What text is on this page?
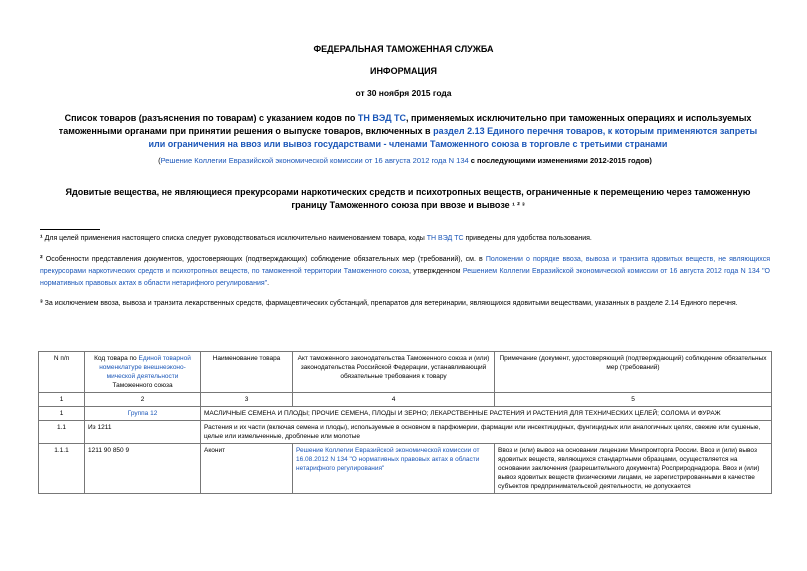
ФЕДЕРАЛЬНАЯ ТАМОЖЕННАЯ СЛУЖБА
ИНФОРМАЦИЯ
от 30 ноября 2015 года
Список товаров (разъяснения по товарам) с указанием кодов по ТН ВЭД ТС, применяемых исключительно при таможенных операциях и используемых таможенными органами при принятии решения о выпуске товаров, включенных в раздел 2.13 Единого перечня товаров, к которым применяются запреты или ограничения на ввоз или вывоз государствами - членами Таможенного союза в торговле с третьими странами
(Решение Коллегии Евразийской экономической комиссии от 16 августа 2012 года N 134 с последующими изменениями 2012-2015 годов)
Ядовитые вещества, не являющиеся прекурсорами наркотических средств и психотропных веществ, ограниченные к перемещению через таможенную границу Таможенного союза при ввозе и вывозе ¹ ² ³
¹ Для целей применения настоящего списка следует руководствоваться исключительно наименованием товара, коды ТН ВЭД ТС приведены для удобства пользования.
² Особенности представления документов, удостоверяющих (подтверждающих) соблюдение обязательных мер (требований), см. в Положении о порядке ввоза, вывоза и транзита ядовитых веществ, не являющихся прекурсорами наркотических средств и психотропных веществ, по таможенной территории Таможенного союза, утвержденном Решением Коллегии Евразийской экономической комиссии от 16 августа 2012 года N 134 "О нормативных правовых актах в области нетарифного регулирования".
³ За исключением ввоза, вывоза и транзита лекарственных средств, фармацевтических субстанций, препаратов для ветеринарии, являющихся ядовитыми веществами, указанных в разделе 2.14 Единого перечня.
N п/п	Код товара по Единой товарной номенклатуре внешнеэконо-мической деятельности Таможенного союза	Наименование товара	Акт таможенного законодательства Таможенного союза и (или) законодательства Российской Федерации, устанавливающий обязательные требования к товару	Примечание (документ, удостоверяющий (подтверждающий) соблюдение обязательных мер (требований)
1	2	3	4	5
1	Группа 12	МАСЛИЧНЫЕ СЕМЕНА И ПЛОДЫ; ПРОЧИЕ СЕМЕНА, ПЛОДЫ И ЗЕРНО; ЛЕКАРСТВЕННЫЕ РАСТЕНИЯ И РАСТЕНИЯ ДЛЯ ТЕХНИЧЕСКИХ ЦЕЛЕЙ; СОЛОМА И ФУРАЖ		
1.1	Из 1211	Растения и их части (включая семена и плоды), используемые в основном в парфюмерии, фармации или инсектицидных, фунгицидных или аналогичных целях, свежие или сушеные, целые или измельченные, дробленые или молотые		
1.1.1	1211 90 850 9	Аконит	Решение Коллегии Евразийской экономической комиссии от 16.08.2012 N 134 "О нормативных правовых актах в области нетарифного регулирования"	Ввоз и (или) вывоз на основании лицензии Минпромторга России. Ввоз и (или) вывоз ядовитых веществ, являющихся стандартными образцами, осуществляется на основании заключения (разрешительного документа) Росприроднадзора. Ввоз и (или) вывоз ядовитых веществ физическими лицами, не зарегистрированными в качестве субъектов предпринимательской деятельности, не допускается
